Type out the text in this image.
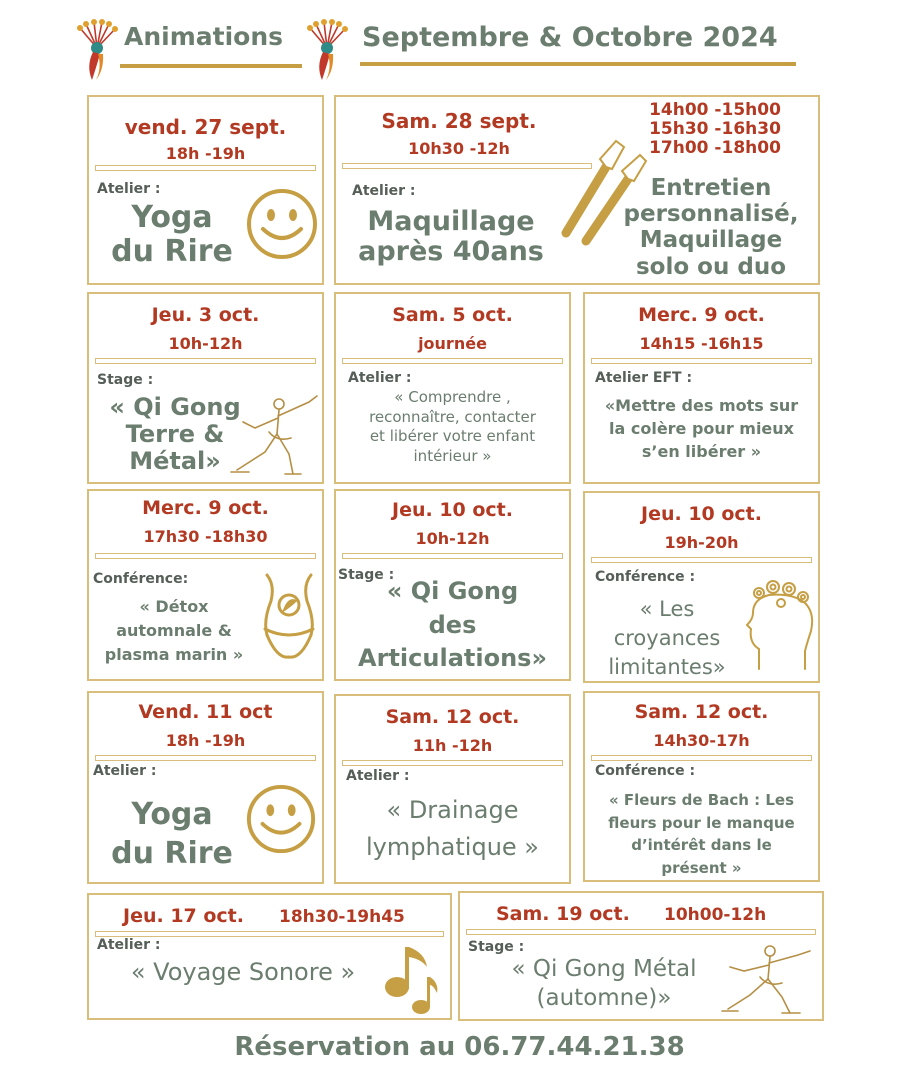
Animations	Septembre & Octobre 2024
vend. 27 sept.
18h -19h
Atelier :
Yoga
du Rire
Sam. 28 sept.
10h30 -12h
Atelier :
Maquillage
après 40ans
14h00 -15h00
15h30 -16h30
17h00 -18h00
Entretien
personnalisé,
Maquillage
solo ou duo
Jeu. 3 oct.
10h-12h
Stage :
« Qi Gong
Terre &
Métal»
Sam. 5 oct.
journée
Atelier :
« Comprendre ,
reconnaître, contacter
et libérer votre enfant
intérieur »
Merc. 9 oct.
14h15 -16h15
Atelier EFT :
«Mettre des mots sur
la colère pour mieux
s’en libérer »
Merc. 9 oct.
17h30 -18h30
Conférence:
« Détox
automnale &
plasma marin »
Jeu. 10 oct.
10h-12h
Stage :
« Qi Gong
des
Articulations»
Jeu. 10 oct.
19h-20h
Conférence :
« Les
croyances
limitantes»
Vend. 11 oct
18h -19h
Atelier :
Yoga
du Rire
Sam. 12 oct.
11h -12h
Atelier :
« Drainage
lymphatique »
Sam. 12 oct.
14h30-17h
Conférence :
« Fleurs de Bach : Les
fleurs pour le manque
d’intérêt dans le
présent »
Jeu. 17 oct. 18h30-19h45
Atelier :
« Voyage Sonore »
Sam. 19 oct. 10h00-12h
Stage :
« Qi Gong Métal
(automne)»
Réservation au 06.77.44.21.38
